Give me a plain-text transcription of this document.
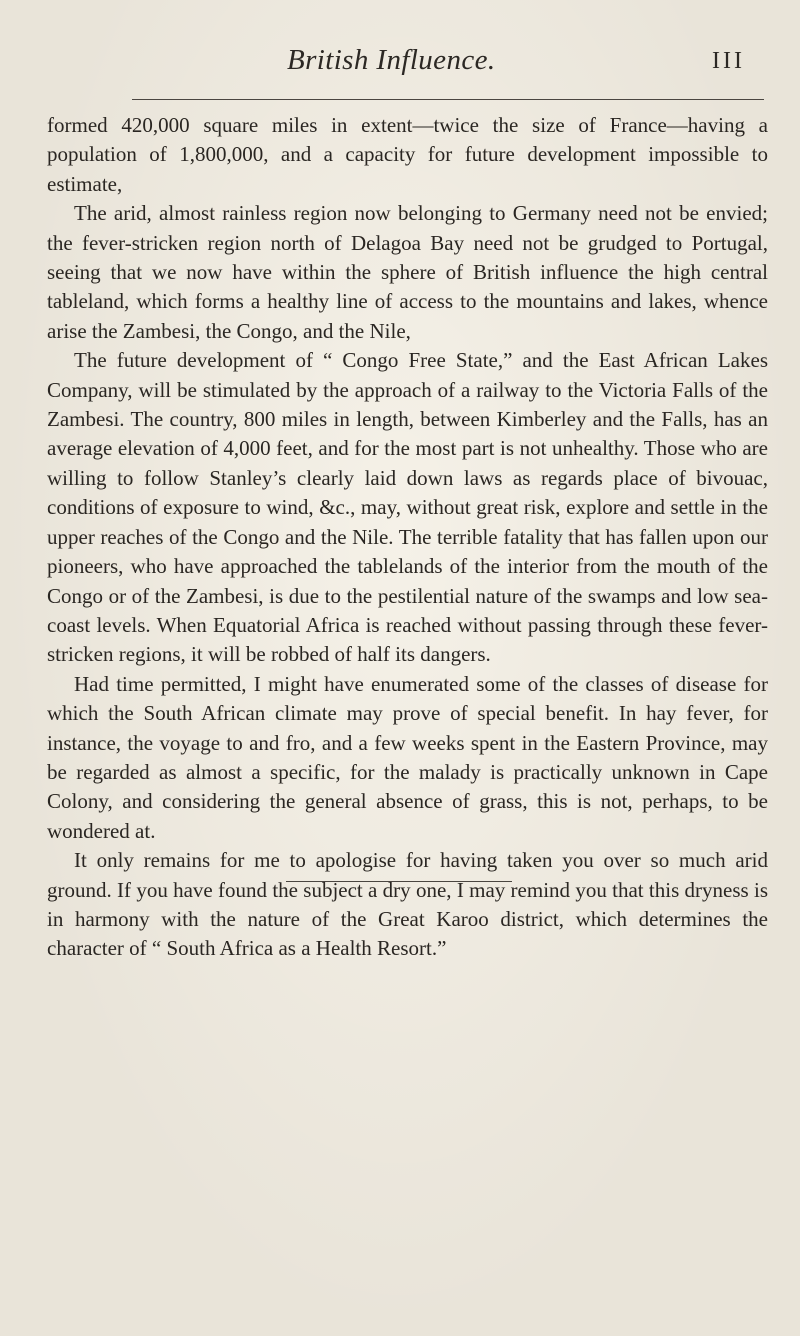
British Influence.	III

formed 420,000 square miles in extent—twice the size of France—having a population of 1,800,000, and a capacity for future development impossible to estimate,

The arid, almost rainless region now belonging to Germany need not be envied; the fever-stricken region north of Delagoa Bay need not be grudged to Portugal, seeing that we now have within the sphere of British influence the high central tableland, which forms a healthy line of access to the mountains and lakes, whence arise the Zambesi, the Congo, and the Nile,

The future development of “ Congo Free State,” and the East African Lakes Company, will be stimulated by the approach of a railway to the Victoria Falls of the Zambesi. The country, 800 miles in length, between Kimberley and the Falls, has an average elevation of 4,000 feet, and for the most part is not unhealthy. Those who are willing to follow Stanley’s clearly laid down laws as regards place of bivouac, conditions of exposure to wind, &c., may, without great risk, explore and settle in the upper reaches of the Congo and the Nile. The terrible fatality that has fallen upon our pioneers, who have approached the tablelands of the interior from the mouth of the Congo or of the Zambesi, is due to the pestilential nature of the swamps and low sea-coast levels. When Equatorial Africa is reached without passing through these fever-stricken regions, it will be robbed of half its dangers.

Had time permitted, I might have enumerated some of the classes of disease for which the South African climate may prove of special benefit. In hay fever, for instance, the voyage to and fro, and a few weeks spent in the Eastern Province, may be regarded as almost a specific, for the malady is practically unknown in Cape Colony, and considering the general absence of grass, this is not, perhaps, to be wondered at.

It only remains for me to apologise for having taken you over so much arid ground. If you have found the subject a dry one, I may remind you that this dryness is in harmony with the nature of the Great Karoo district, which determines the character of “ South Africa as a Health Resort.”
